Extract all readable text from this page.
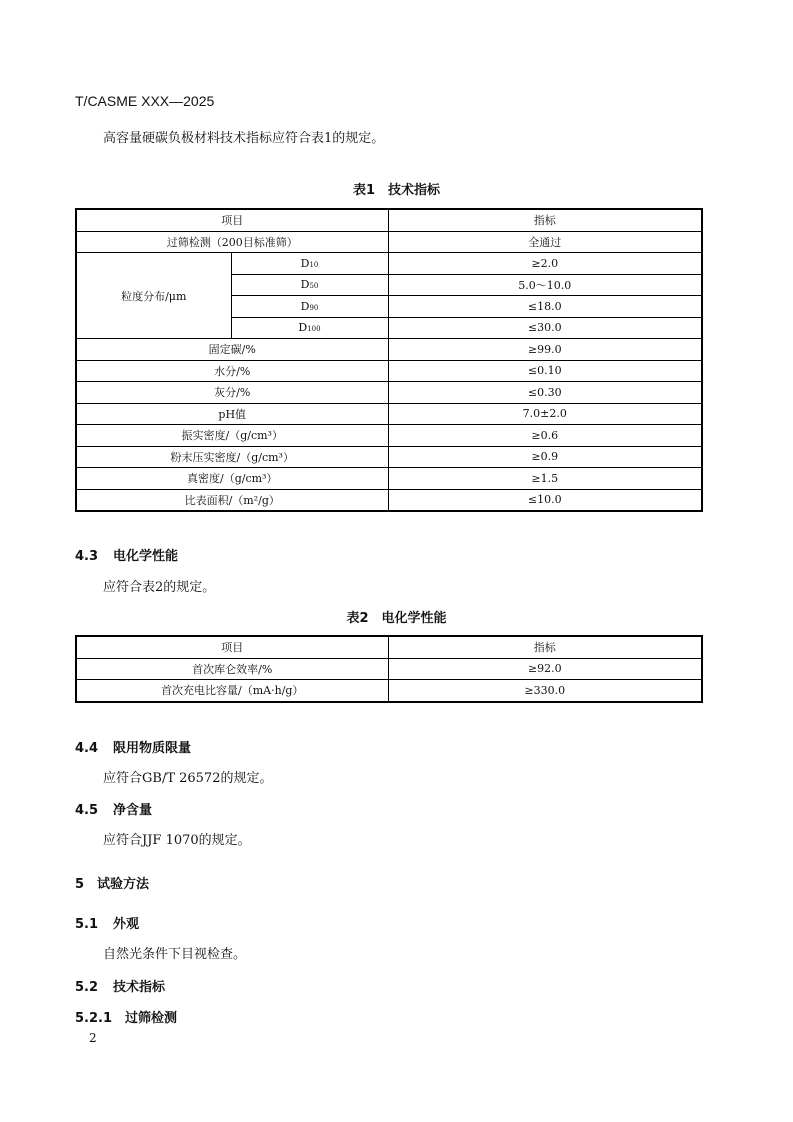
T/CASME XXX—2025
高容量硬碳负极材料技术指标应符合表1的规定。
表1　技术指标
项目		指标
过筛检测（200目标准筛）		全通过
粒度分布/μm	D10	≥2.0
	D50	5.0～10.0
	D90	≤18.0
	D100	≤30.0
固定碳/%		≥99.0
水分/%		≤0.10
灰分/%		≤0.30
pH值		7.0±2.0
振实密度/（g/cm³）		≥0.6
粉末压实密度/（g/cm³）		≥0.9
真密度/（g/cm³）		≥1.5
比表面积/（m²/g）		≤10.0
4.3 电化学性能
应符合表2的规定。
表2　电化学性能
项目	指标
首次库仑效率/%	≥92.0
首次充电比容量/（mA·h/g）	≥330.0
4.4 限用物质限量
应符合GB/T 26572的规定。
4.5 净含量
应符合JJF 1070的规定。
5 试验方法
5.1 外观
自然光条件下目视检查。
5.2 技术指标
5.2.1 过筛检测
2
